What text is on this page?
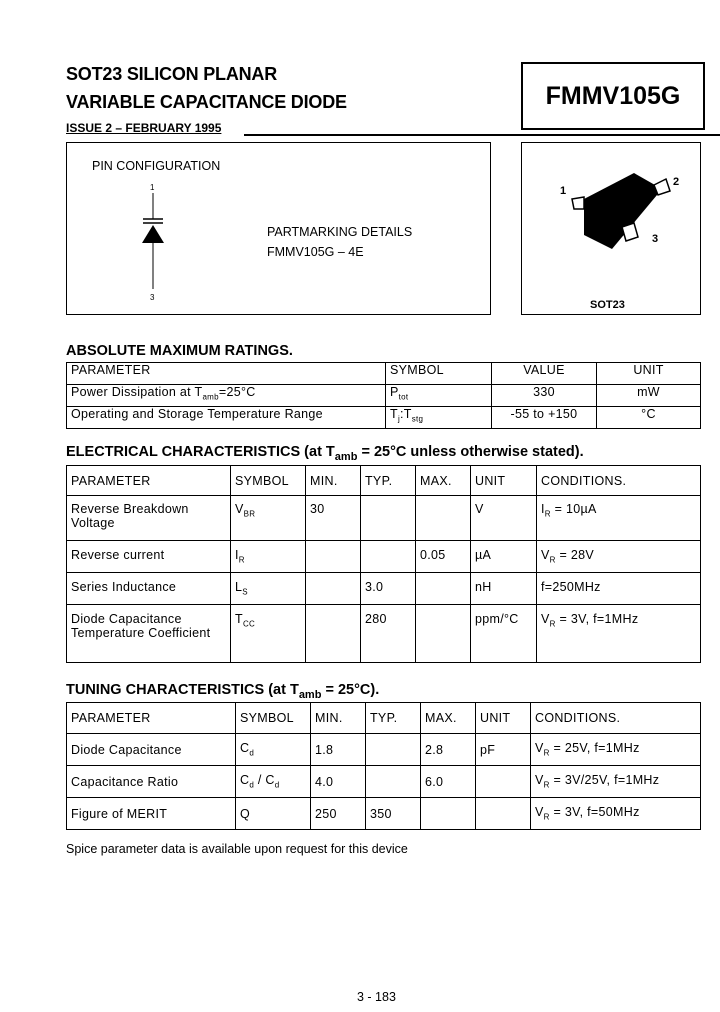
SOT23 SILICON PLANAR
VARIABLE CAPACITANCE DIODE
ISSUE 2 – FEBRUARY 1995
FMMV105G
PIN CONFIGURATION
1
3
PARTMARKING DETAILS
FMMV105G – 4E
1
2
3
SOT23
ABSOLUTE MAXIMUM RATINGS.
PARAMETER	SYMBOL	VALUE	UNIT
Power Dissipation at $T_{amb}=25^\circ C$	$P_{tot}$	330	mW
Operating and Storage Temperature Range	$T_j:T_{stg}$	-55 to +150	°C
ELECTRICAL CHARACTERISTICS (at $T_{amb} = 25^\circ C$ unless otherwise stated).
PARAMETER	SYMBOL	MIN.	TYP.	MAX.	UNIT	CONDITIONS.
Reverse Breakdown Voltage	$V_{BR}$	30			V	$I_R = 10\mu A$
Reverse current	$I_R$			0.05	µA	$V_R = 28V$
Series Inductance	$L_S$		3.0		nH	f=250MHz
Diode Capacitance Temperature Coefficient	$T_{CC}$		280		ppm/°C	$V_R = 3V$, f=1MHz
TUNING CHARACTERISTICS (at $T_{amb} = 25^\circ C$).
PARAMETER	SYMBOL	MIN.	TYP.	MAX.	UNIT	CONDITIONS.
Diode Capacitance	$C_d$	1.8		2.8	pF	$V_R = 25V$, f=1MHz
Capacitance Ratio	$C_d / C_d$	4.0		6.0		$V_R = 3V/25V$, f=1MHz
Figure of MERIT	Q	250	350			$V_R = 3V$, f=50MHz
Spice parameter data is available upon request for this device
3 - 183
